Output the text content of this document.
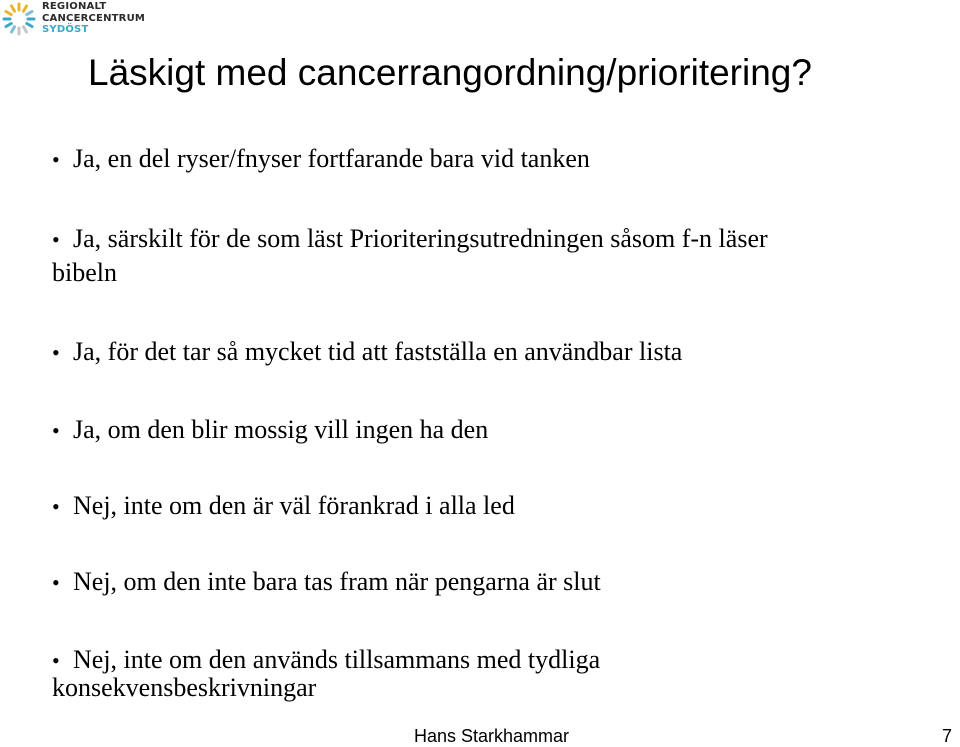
REGIONALT
CANCERCENTRUM
SYDÖST
Läskigt med cancerrangordning/prioritering?
• Ja, en del ryser/fnyser fortfarande bara vid tanken
• Ja, särskilt för de som läst Prioriteringsutredningen såsom f-n läser
bibeln
• Ja, för det tar så mycket tid att fastställa en användbar lista
• Ja, om den blir mossig vill ingen ha den
• Nej, inte om den är väl förankrad i alla led
• Nej, om den inte bara tas fram när pengarna är slut
• Nej, inte om den används tillsammans med tydliga
konsekvensbeskrivningar
Hans Starkhammar	7
